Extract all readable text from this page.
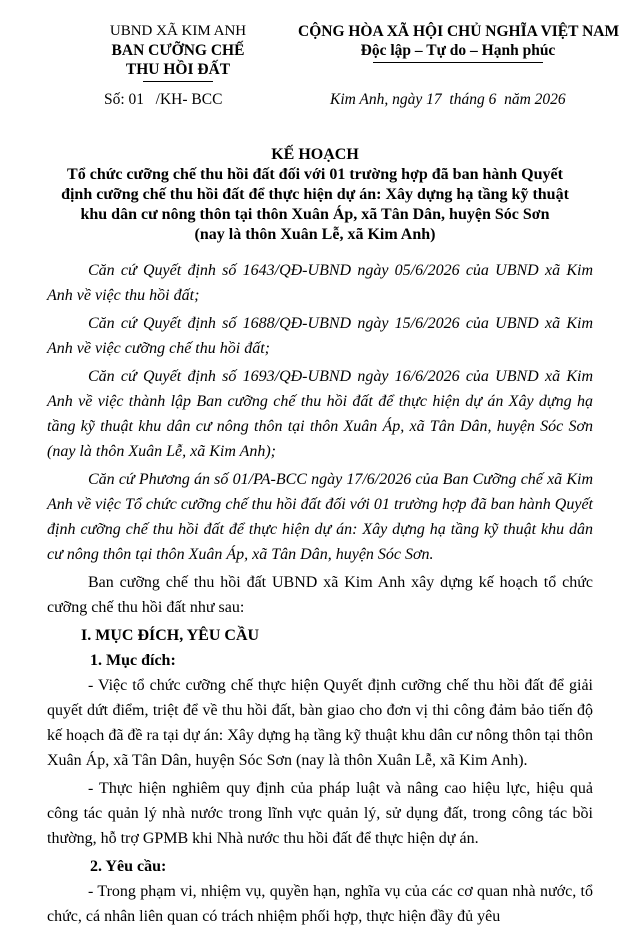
UBND XÃ KIM ANH
BAN CƯỠNG CHẾ
THU HỒI ĐẤT
CỘNG HÒA XÃ HỘI CHỦ NGHĨA VIỆT NAM
Độc lập – Tự do – Hạnh phúc
Số: 01   /KH- BCC	Kim Anh, ngày 17  tháng 6  năm 2026
KẾ HOẠCH
Tổ chức cưỡng chế thu hồi đất đối với 01 trường hợp đã ban hành Quyết
định cưỡng chế thu hồi đất để thực hiện dự án: Xây dựng hạ tầng kỹ thuật
khu dân cư nông thôn tại thôn Xuân Áp, xã Tân Dân, huyện Sóc Sơn
(nay là thôn Xuân Lễ, xã Kim Anh)

Căn cứ Quyết định số 1643/QĐ-UBND ngày 05/6/2026 của UBND xã Kim Anh về việc thu hồi đất;

Căn cứ Quyết định số 1688/QĐ-UBND ngày 15/6/2026 của UBND xã Kim Anh về việc cưỡng chế thu hồi đất;

Căn cứ Quyết định số 1693/QĐ-UBND ngày 16/6/2026 của UBND xã Kim Anh về việc thành lập Ban cưỡng chế thu hồi đất để thực hiện dự án Xây dựng hạ tầng kỹ thuật khu dân cư nông thôn tại thôn Xuân Áp, xã Tân Dân, huyện Sóc Sơn (nay là thôn Xuân Lễ, xã Kim Anh);

Căn cứ Phương án số 01/PA-BCC ngày 17/6/2026 của Ban Cưỡng chế xã Kim Anh về việc Tổ chức cưỡng chế thu hồi đất đối với 01 trường hợp đã ban hành Quyết định cưỡng chế thu hồi đất để thực hiện dự án: Xây dựng hạ tầng kỹ thuật khu dân cư nông thôn tại thôn Xuân Áp, xã Tân Dân, huyện Sóc Sơn.

Ban cưỡng chế thu hồi đất UBND xã Kim Anh xây dựng kế hoạch tổ chức cưỡng chế thu hồi đất như sau:

I. MỤC ĐÍCH, YÊU CẦU

1. Mục đích:

- Việc tổ chức cưỡng chế thực hiện Quyết định cưỡng chế thu hồi đất để giải quyết dứt điểm, triệt để về thu hồi đất, bàn giao cho đơn vị thi công đảm bảo tiến độ kế hoạch đã đề ra tại dự án: Xây dựng hạ tầng kỹ thuật khu dân cư nông thôn tại thôn Xuân Áp, xã Tân Dân, huyện Sóc Sơn (nay là thôn Xuân Lễ, xã Kim Anh).

- Thực hiện nghiêm quy định của pháp luật và nâng cao hiệu lực, hiệu quả công tác quản lý nhà nước trong lĩnh vực quản lý, sử dụng đất, trong công tác bồi thường, hỗ trợ GPMB khi Nhà nước thu hồi đất để thực hiện dự án.

2. Yêu cầu:

- Trong phạm vi, nhiệm vụ, quyền hạn, nghĩa vụ của các cơ quan nhà nước, tổ chức, cá nhân liên quan có trách nhiệm phối hợp, thực hiện đầy đủ yêu
